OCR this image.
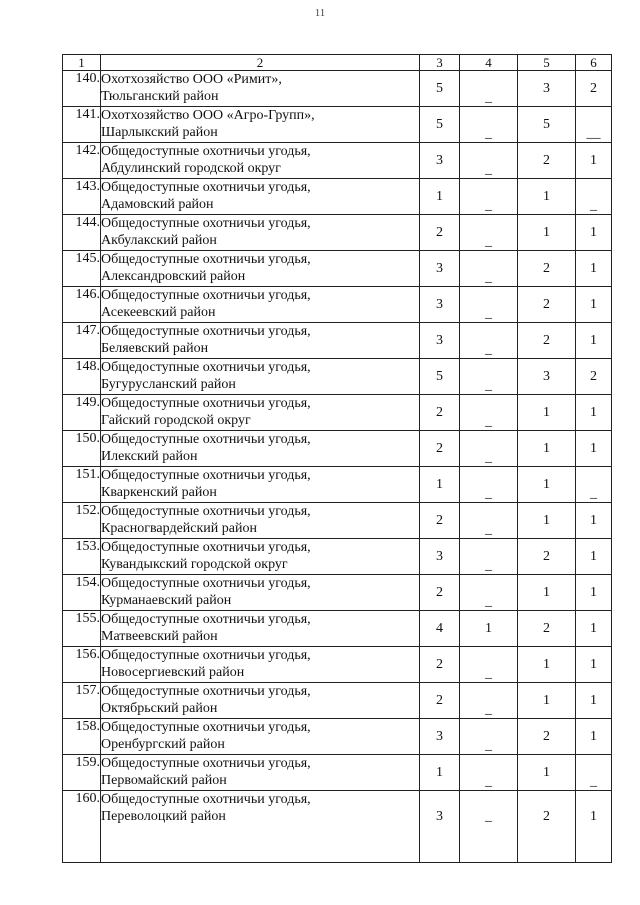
11
1	2	3	4	5	6
140.	Охотхозяйство ООО «Римит»,
Тюльганский район	5	_	3	2
141.	Охотхозяйство ООО «Агро-Групп»,
Шарлыкский район	5	_	5	__
142.	Общедоступные охотничьи угодья,
Абдулинский городской округ	3	_	2	1
143.	Общедоступные охотничьи угодья,
Адамовский район	1	_	1	_
144.	Общедоступные охотничьи угодья,
Акбулакский район	2	_	1	1
145.	Общедоступные охотничьи угодья,
Александровский район	3	_	2	1
146.	Общедоступные охотничьи угодья,
Асекеевский район	3	_	2	1
147.	Общедоступные охотничьи угодья,
Беляевский район	3	_	2	1
148.	Общедоступные охотничьи угодья,
Бугурусланский район	5	_	3	2
149.	Общедоступные охотничьи угодья,
Гайский городской округ	2	_	1	1
150.	Общедоступные охотничьи угодья,
Илекский район	2	_	1	1
151.	Общедоступные охотничьи угодья,
Кваркенский район	1	_	1	_
152.	Общедоступные охотничьи угодья,
Красногвардейский район	2	_	1	1
153.	Общедоступные охотничьи угодья,
Кувандыкский городской округ	3	_	2	1
154.	Общедоступные охотничьи угодья,
Курманаевский район	2	_	1	1
155.	Общедоступные охотничьи угодья,
Матвеевский район	4	1	2	1
156.	Общедоступные охотничьи угодья,
Новосергиевский район	2	_	1	1
157.	Общедоступные охотничьи угодья,
Октябрьский район	2	_	1	1
158.	Общедоступные охотничьи угодья,
Оренбургский район	3	_	2	1
159.	Общедоступные охотничьи угодья,
Первомайский район	1	_	1	_
160.	Общедоступные охотничьи угодья,
Переволоцкий район	3	_	2	1
